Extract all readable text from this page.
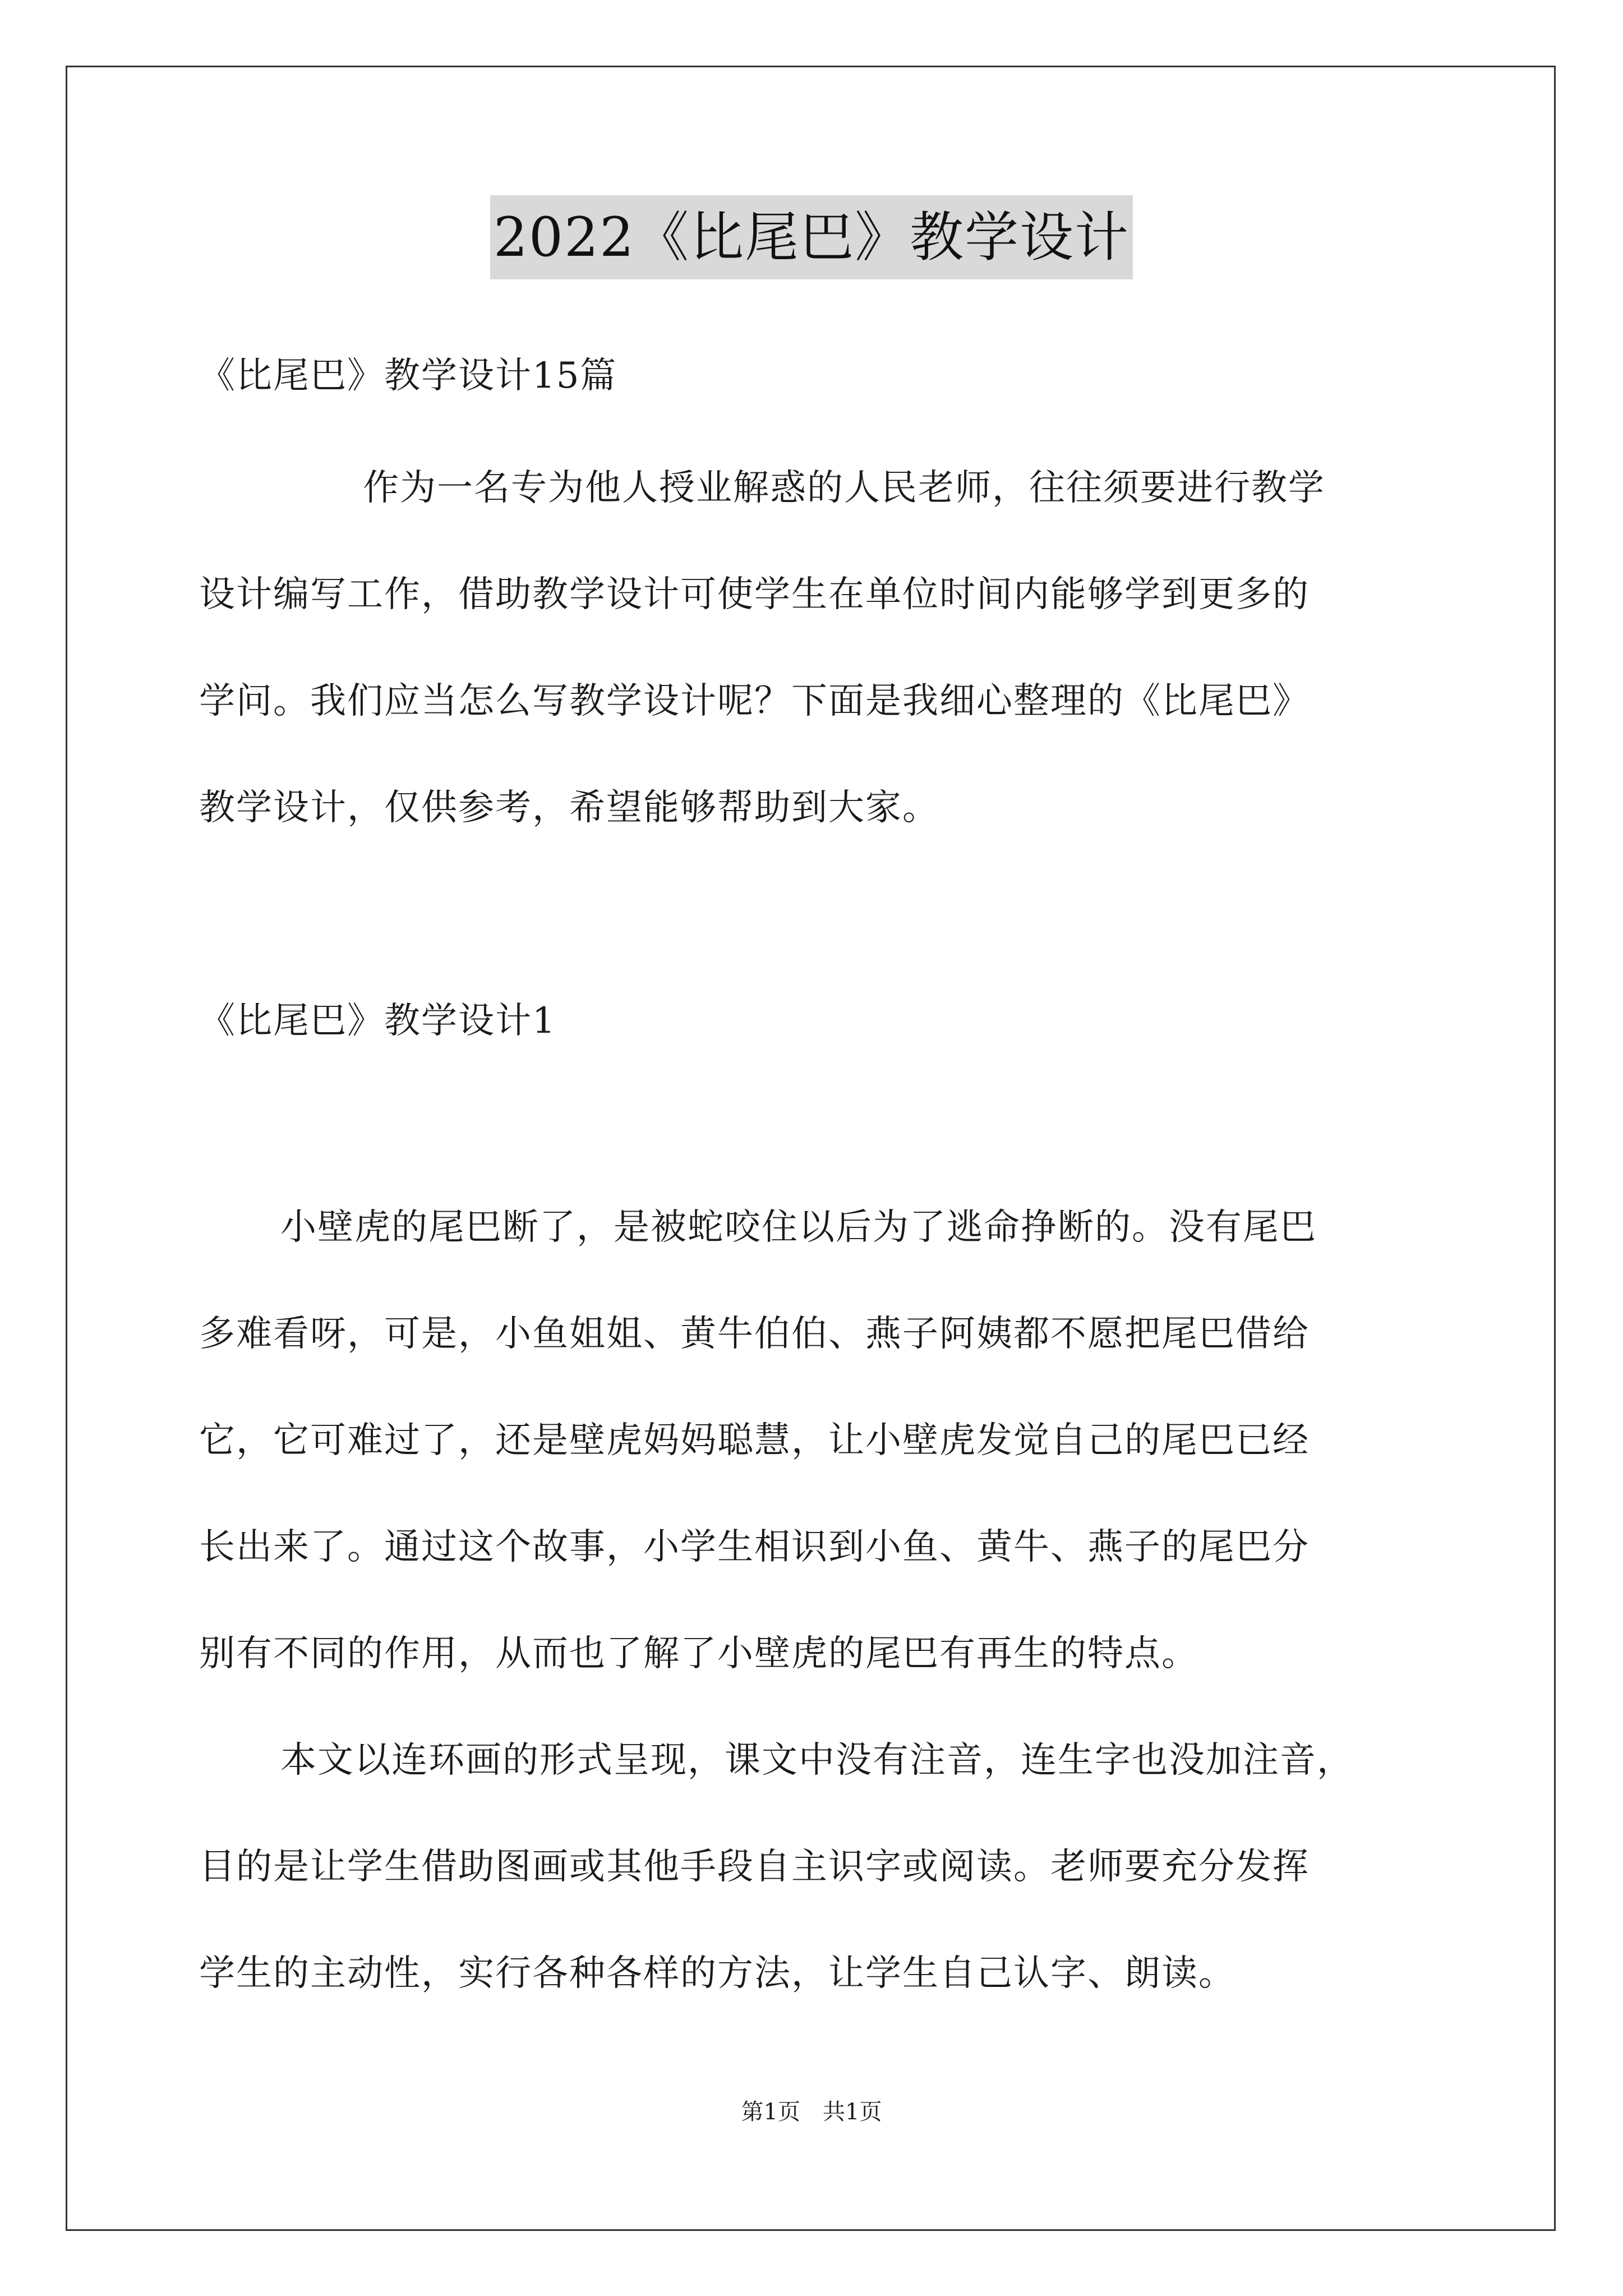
2022《比尾巴》教学设计
《比尾巴》教学设计15篇
作为一名专为他人授业解惑的人民老师，往往须要进行教学
设计编写工作，借助教学设计可使学生在单位时间内能够学到更多的
学问。我们应当怎么写教学设计呢？下面是我细心整理的《比尾巴》
教学设计，仅供参考，希望能够帮助到大家。
《比尾巴》教学设计1
小壁虎的尾巴断了，是被蛇咬住以后为了逃命挣断的。没有尾巴
多难看呀，可是，小鱼姐姐、黄牛伯伯、燕子阿姨都不愿把尾巴借给
它，它可难过了，还是壁虎妈妈聪慧，让小壁虎发觉自己的尾巴已经
长出来了。通过这个故事，小学生相识到小鱼、黄牛、燕子的尾巴分
别有不同的作用，从而也了解了小壁虎的尾巴有再生的特点。
本文以连环画的形式呈现，课文中没有注音，连生字也没加注音，
目的是让学生借助图画或其他手段自主识字或阅读。老师要充分发挥
学生的主动性，实行各种各样的方法，让学生自己认字、朗读。
第1页　共1页
